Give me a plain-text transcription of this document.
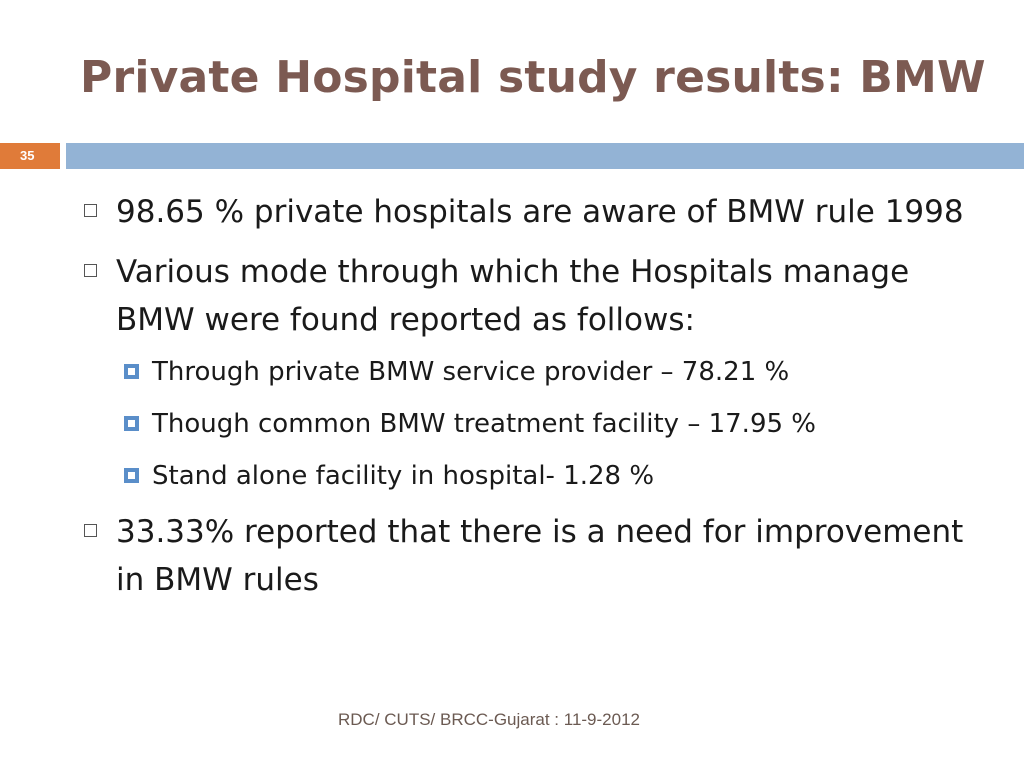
Private Hospital study results: BMW
35
98.65 % private hospitals are aware of BMW rule 1998
Various mode through which the Hospitals manage BMW were found reported as follows:
Through private BMW service provider – 78.21 %
Though common BMW treatment facility – 17.95 %
Stand alone facility in hospital- 1.28 %
33.33% reported that there is a need for improvement in BMW rules
RDC/ CUTS/ BRCC-Gujarat : 11-9-2012
